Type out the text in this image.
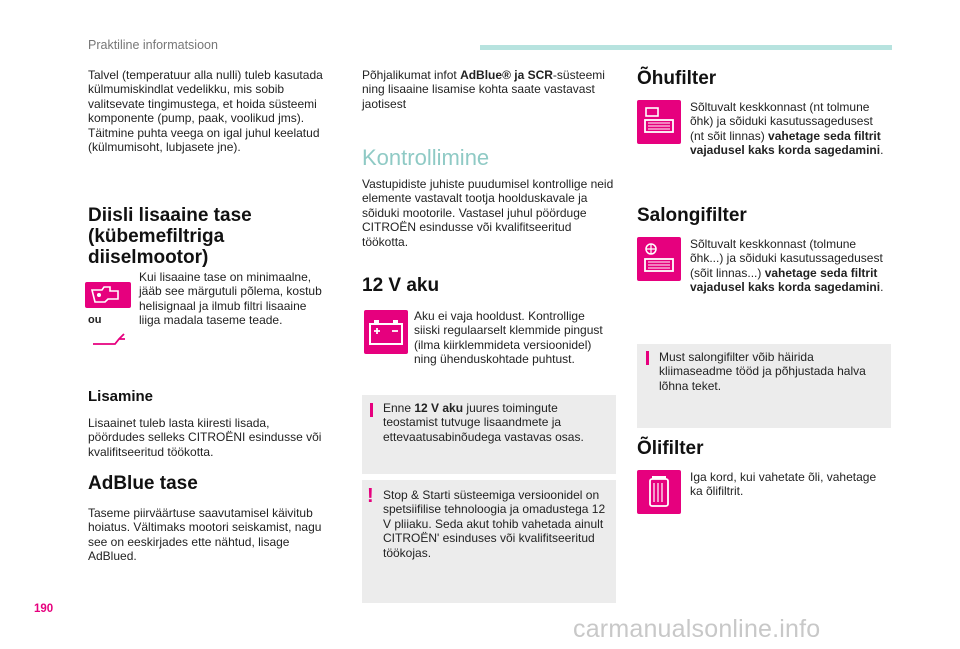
Praktiline informatsioon
Talvel (temperatuur alla nulli) tuleb kasutada külmumiskindlat vedelikku, mis sobib valitsevate tingimustega, et hoida süsteemi komponente (pump, paak, voolikud jms). Täitmine puhta veega on igal juhul keelatud (külmumisoht, lubjasete jne).
Diisli lisaaine tase (kübemefiltriga diiselmootor)
ou
Kui lisaaine tase on minimaalne, jääb see märgutuli põlema, kostub helisignaal ja ilmub filtri lisaaine liiga madala taseme teade.
Lisamine
Lisaainet tuleb lasta kiiresti lisada, pöördudes selleks CITROËNI esindusse või kvalifitseeritud töökotta.
AdBlue tase
Taseme piirväärtuse saavutamisel käivitub hoiatus. Vältimaks mootori seiskamist, nagu see on eeskirjades ette nähtud, lisage AdBlued.
Põhjalikumat infot AdBlue® ja SCR-süsteemi ning lisaaine lisamise kohta saate vastavast jaotisest
Kontrollimine
Vastupidiste juhiste puudumisel kontrollige neid elemente vastavalt tootja hoolduskavale ja sõiduki mootorile. Vastasel juhul pöörduge CITROËN esindusse või kvalifitseeritud töökotta.
12 V aku
Aku ei vaja hooldust. Kontrollige siiski regulaarselt klemmide pingust (ilma kiirklemmideta versioonidel) ning ühenduskohtade puhtust.
Enne 12 V aku juures toimingute teostamist tutvuge lisaandmete ja ettevaatusabinõudega vastavas osas.
! Stop & Starti süsteemiga versioonidel on spetsiifilise tehnoloogia ja omadustega 12 V pliiaku. Seda akut tohib vahetada ainult CITROËN' esinduses või kvalifitseeritud töökojas.
Õhufilter
Sõltuvalt keskkonnast (nt tolmune õhk) ja sõiduki kasutussagedusest (nt sõit linnas) vahetage seda filtrit vajadusel kaks korda sagedamini.
Salongifilter
Sõltuvalt keskkonnast (tolmune õhk...) ja sõiduki kasutussagedusest (sõit linnas...) vahetage seda filtrit vajadusel kaks korda sagedamini.
Must salongifilter võib häirida kliimaseadme tööd ja põhjustada halva lõhna teket.
Õlifilter
Iga kord, kui vahetate õli, vahetage ka õlifiltrit.
190
carmanualsonline.info
